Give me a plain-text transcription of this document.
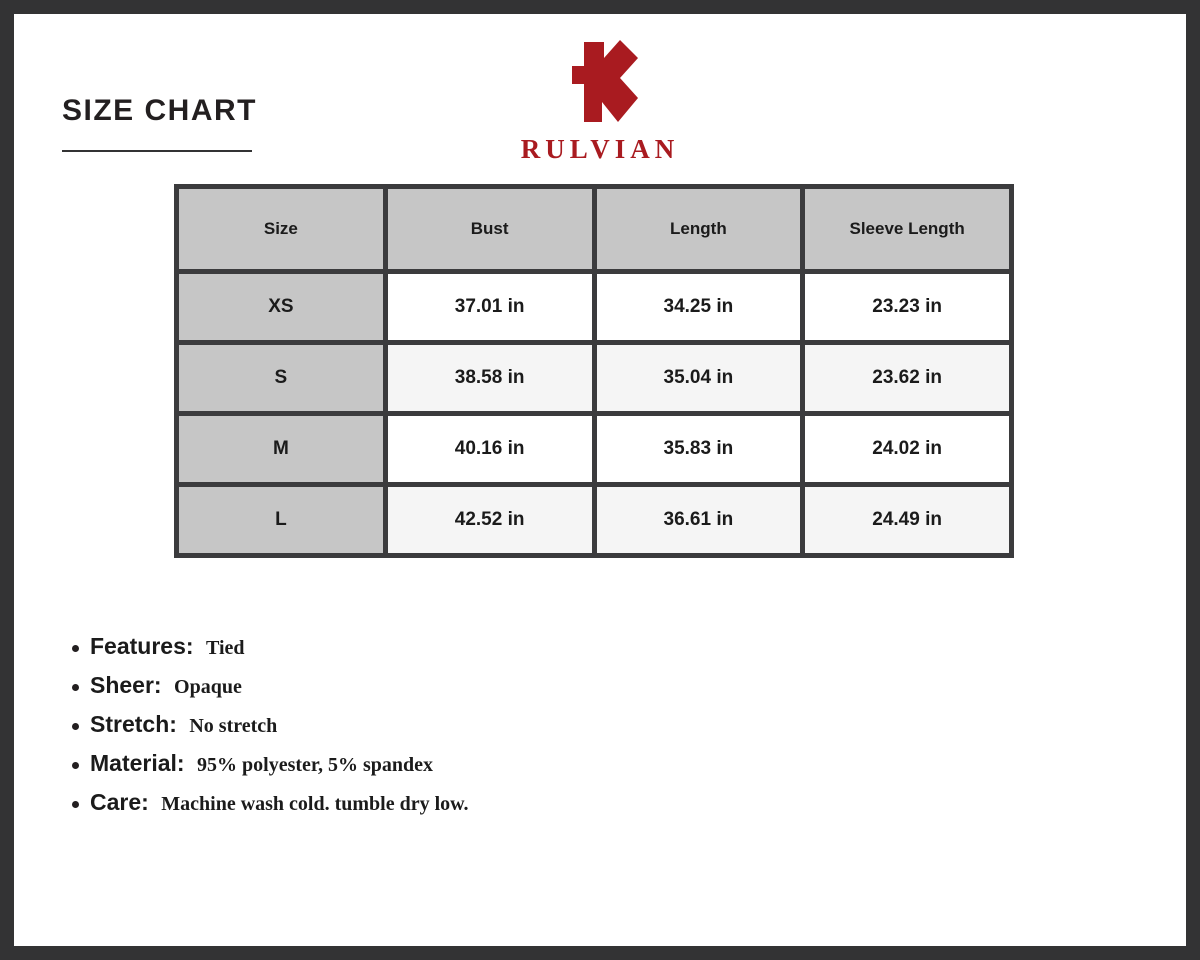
SIZE CHART
RULVIAN
Size	Bust	Length	Sleeve Length
XS	37.01 in	34.25 in	23.23 in
S	38.58 in	35.04 in	23.62 in
M	40.16 in	35.83 in	24.02 in
L	42.52 in	36.61 in	24.49 in
Features: Tied
Sheer: Opaque
Stretch: No stretch
Material: 95% polyester, 5% spandex
Care: Machine wash cold. tumble dry low.
